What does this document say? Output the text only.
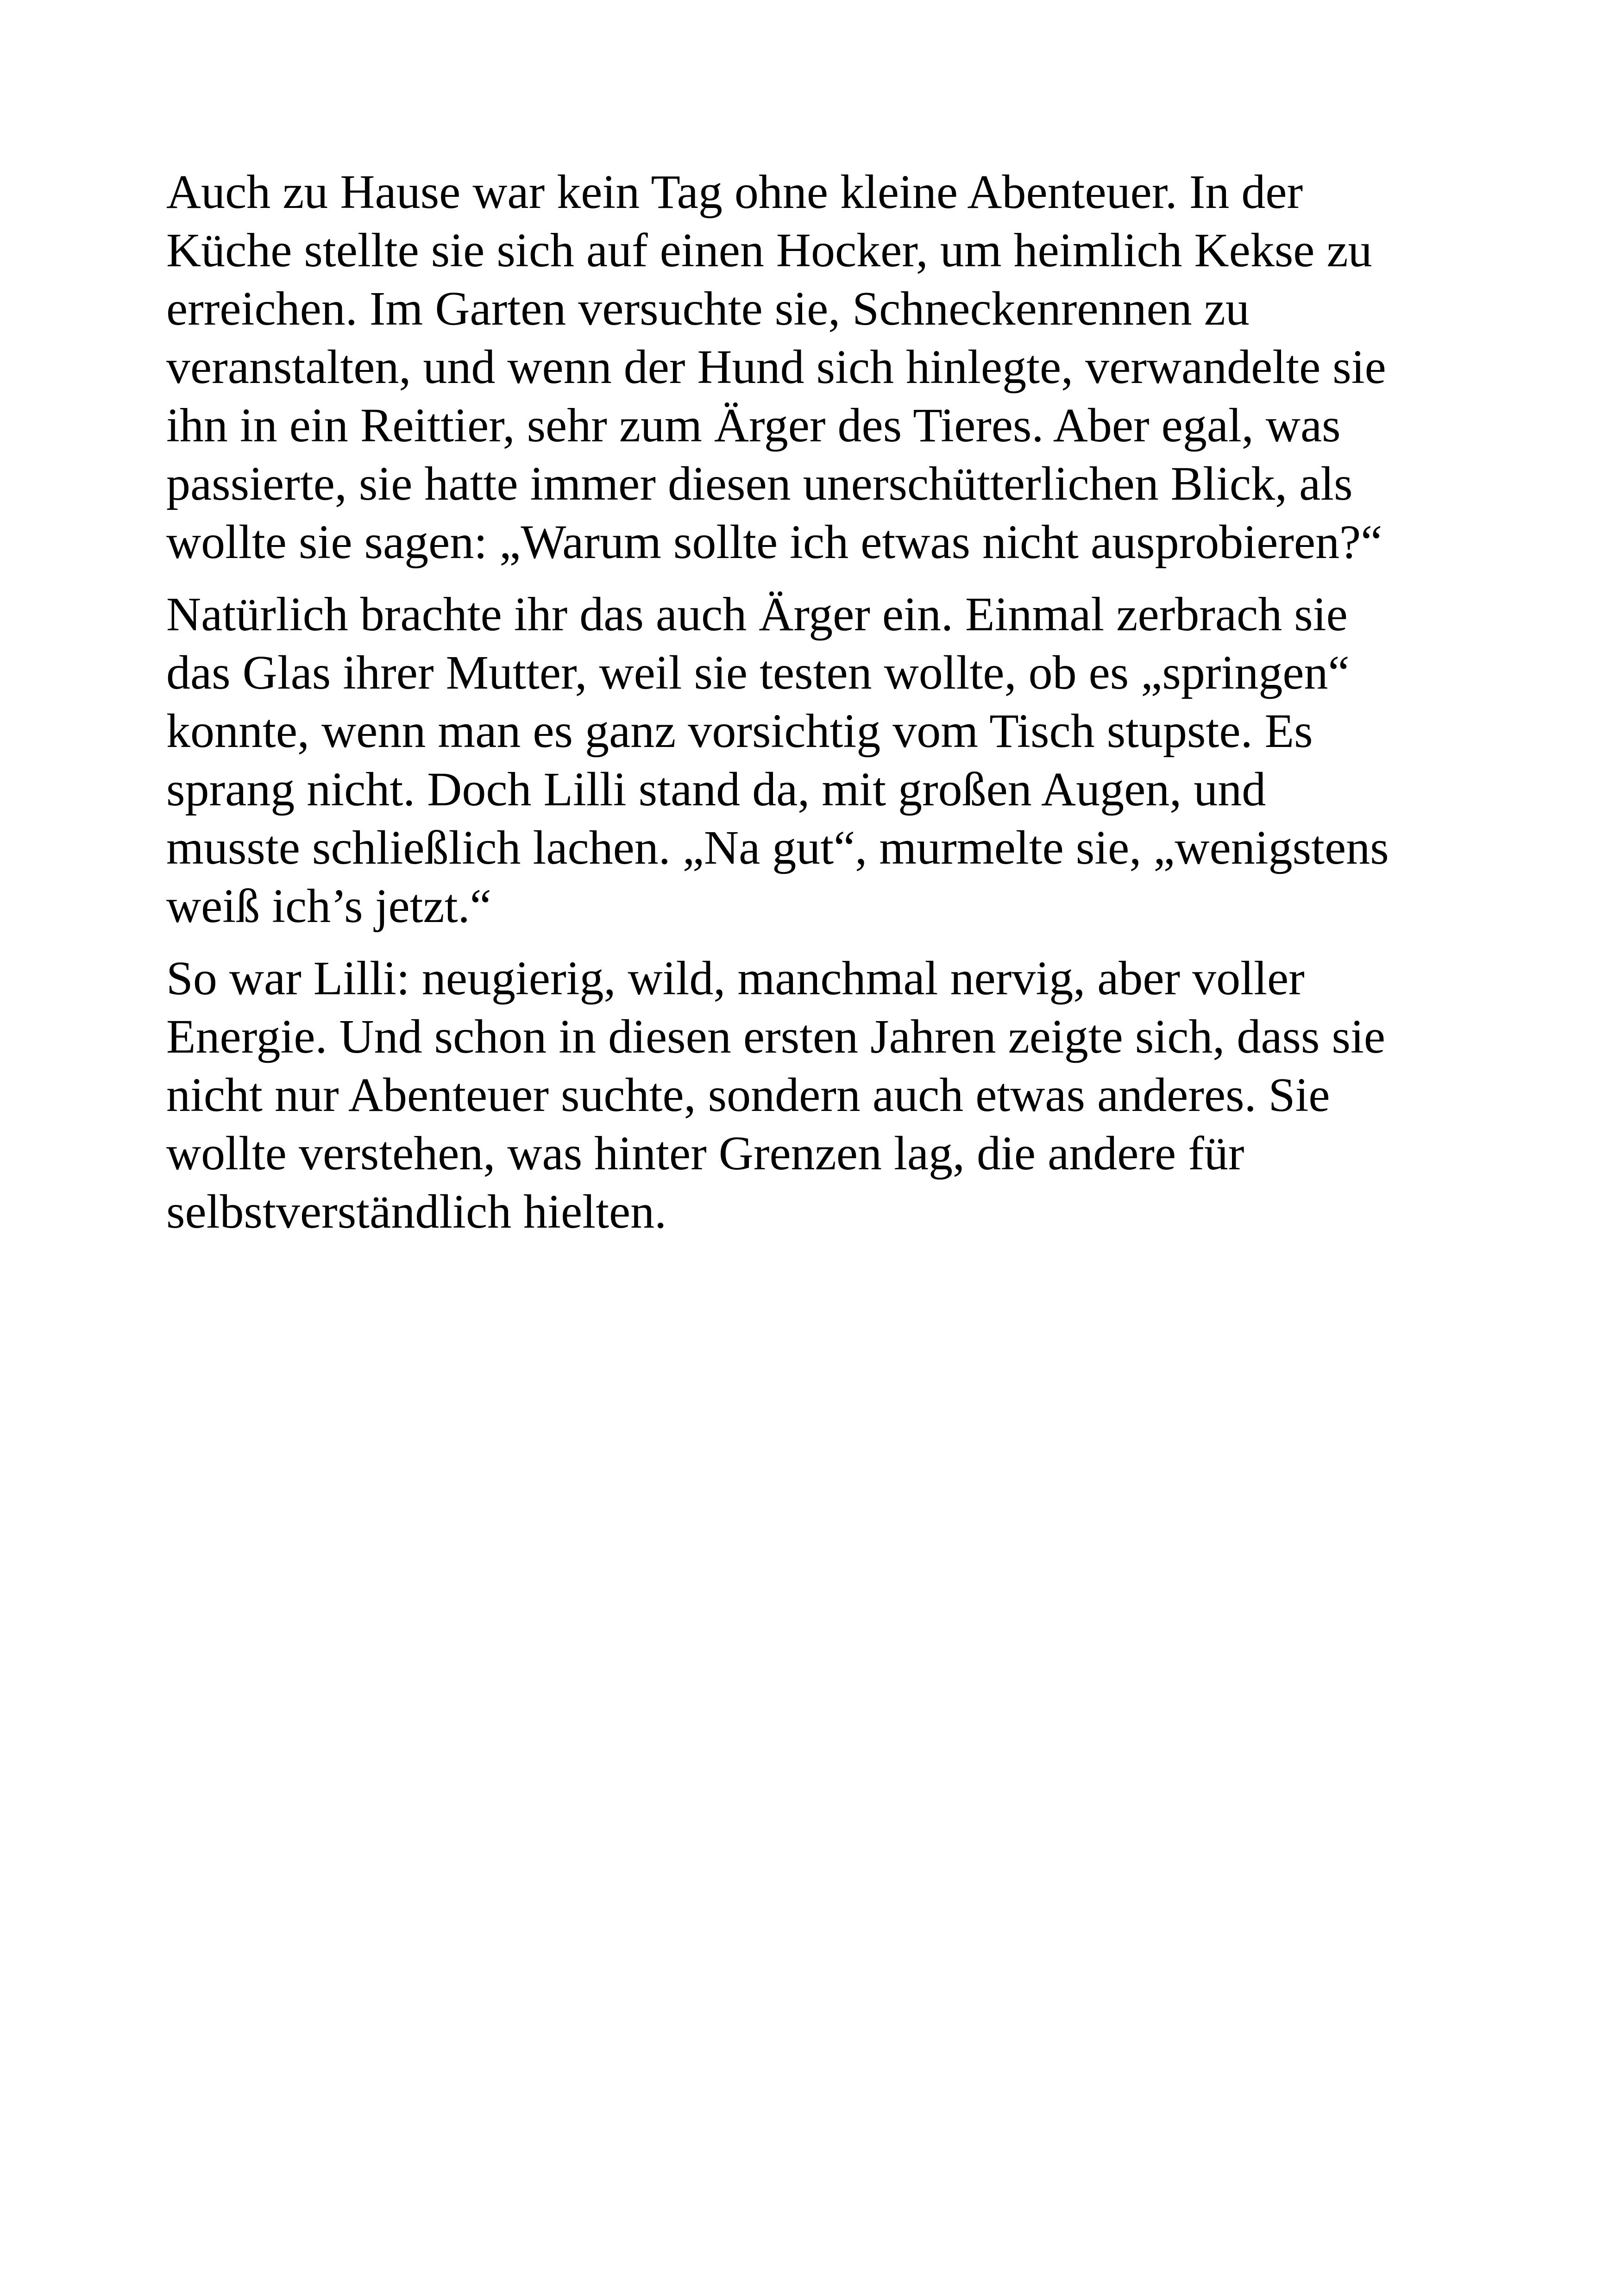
Auch zu Hause war kein Tag ohne kleine Abenteuer. In der
Küche stellte sie sich auf einen Hocker, um heimlich Kekse zu
erreichen. Im Garten versuchte sie, Schneckenrennen zu
veranstalten, und wenn der Hund sich hinlegte, verwandelte sie
ihn in ein Reittier, sehr zum Ärger des Tieres. Aber egal, was
passierte, sie hatte immer diesen unerschütterlichen Blick, als
wollte sie sagen: „Warum sollte ich etwas nicht ausprobieren?“
Natürlich brachte ihr das auch Ärger ein. Einmal zerbrach sie
das Glas ihrer Mutter, weil sie testen wollte, ob es „springen“
konnte, wenn man es ganz vorsichtig vom Tisch stupste. Es
sprang nicht. Doch Lilli stand da, mit großen Augen, und
musste schließlich lachen. „Na gut“, murmelte sie, „wenigstens
weiß ich’s jetzt.“
So war Lilli: neugierig, wild, manchmal nervig, aber voller
Energie. Und schon in diesen ersten Jahren zeigte sich, dass sie
nicht nur Abenteuer suchte, sondern auch etwas anderes. Sie
wollte verstehen, was hinter Grenzen lag, die andere für
selbstverständlich hielten.
